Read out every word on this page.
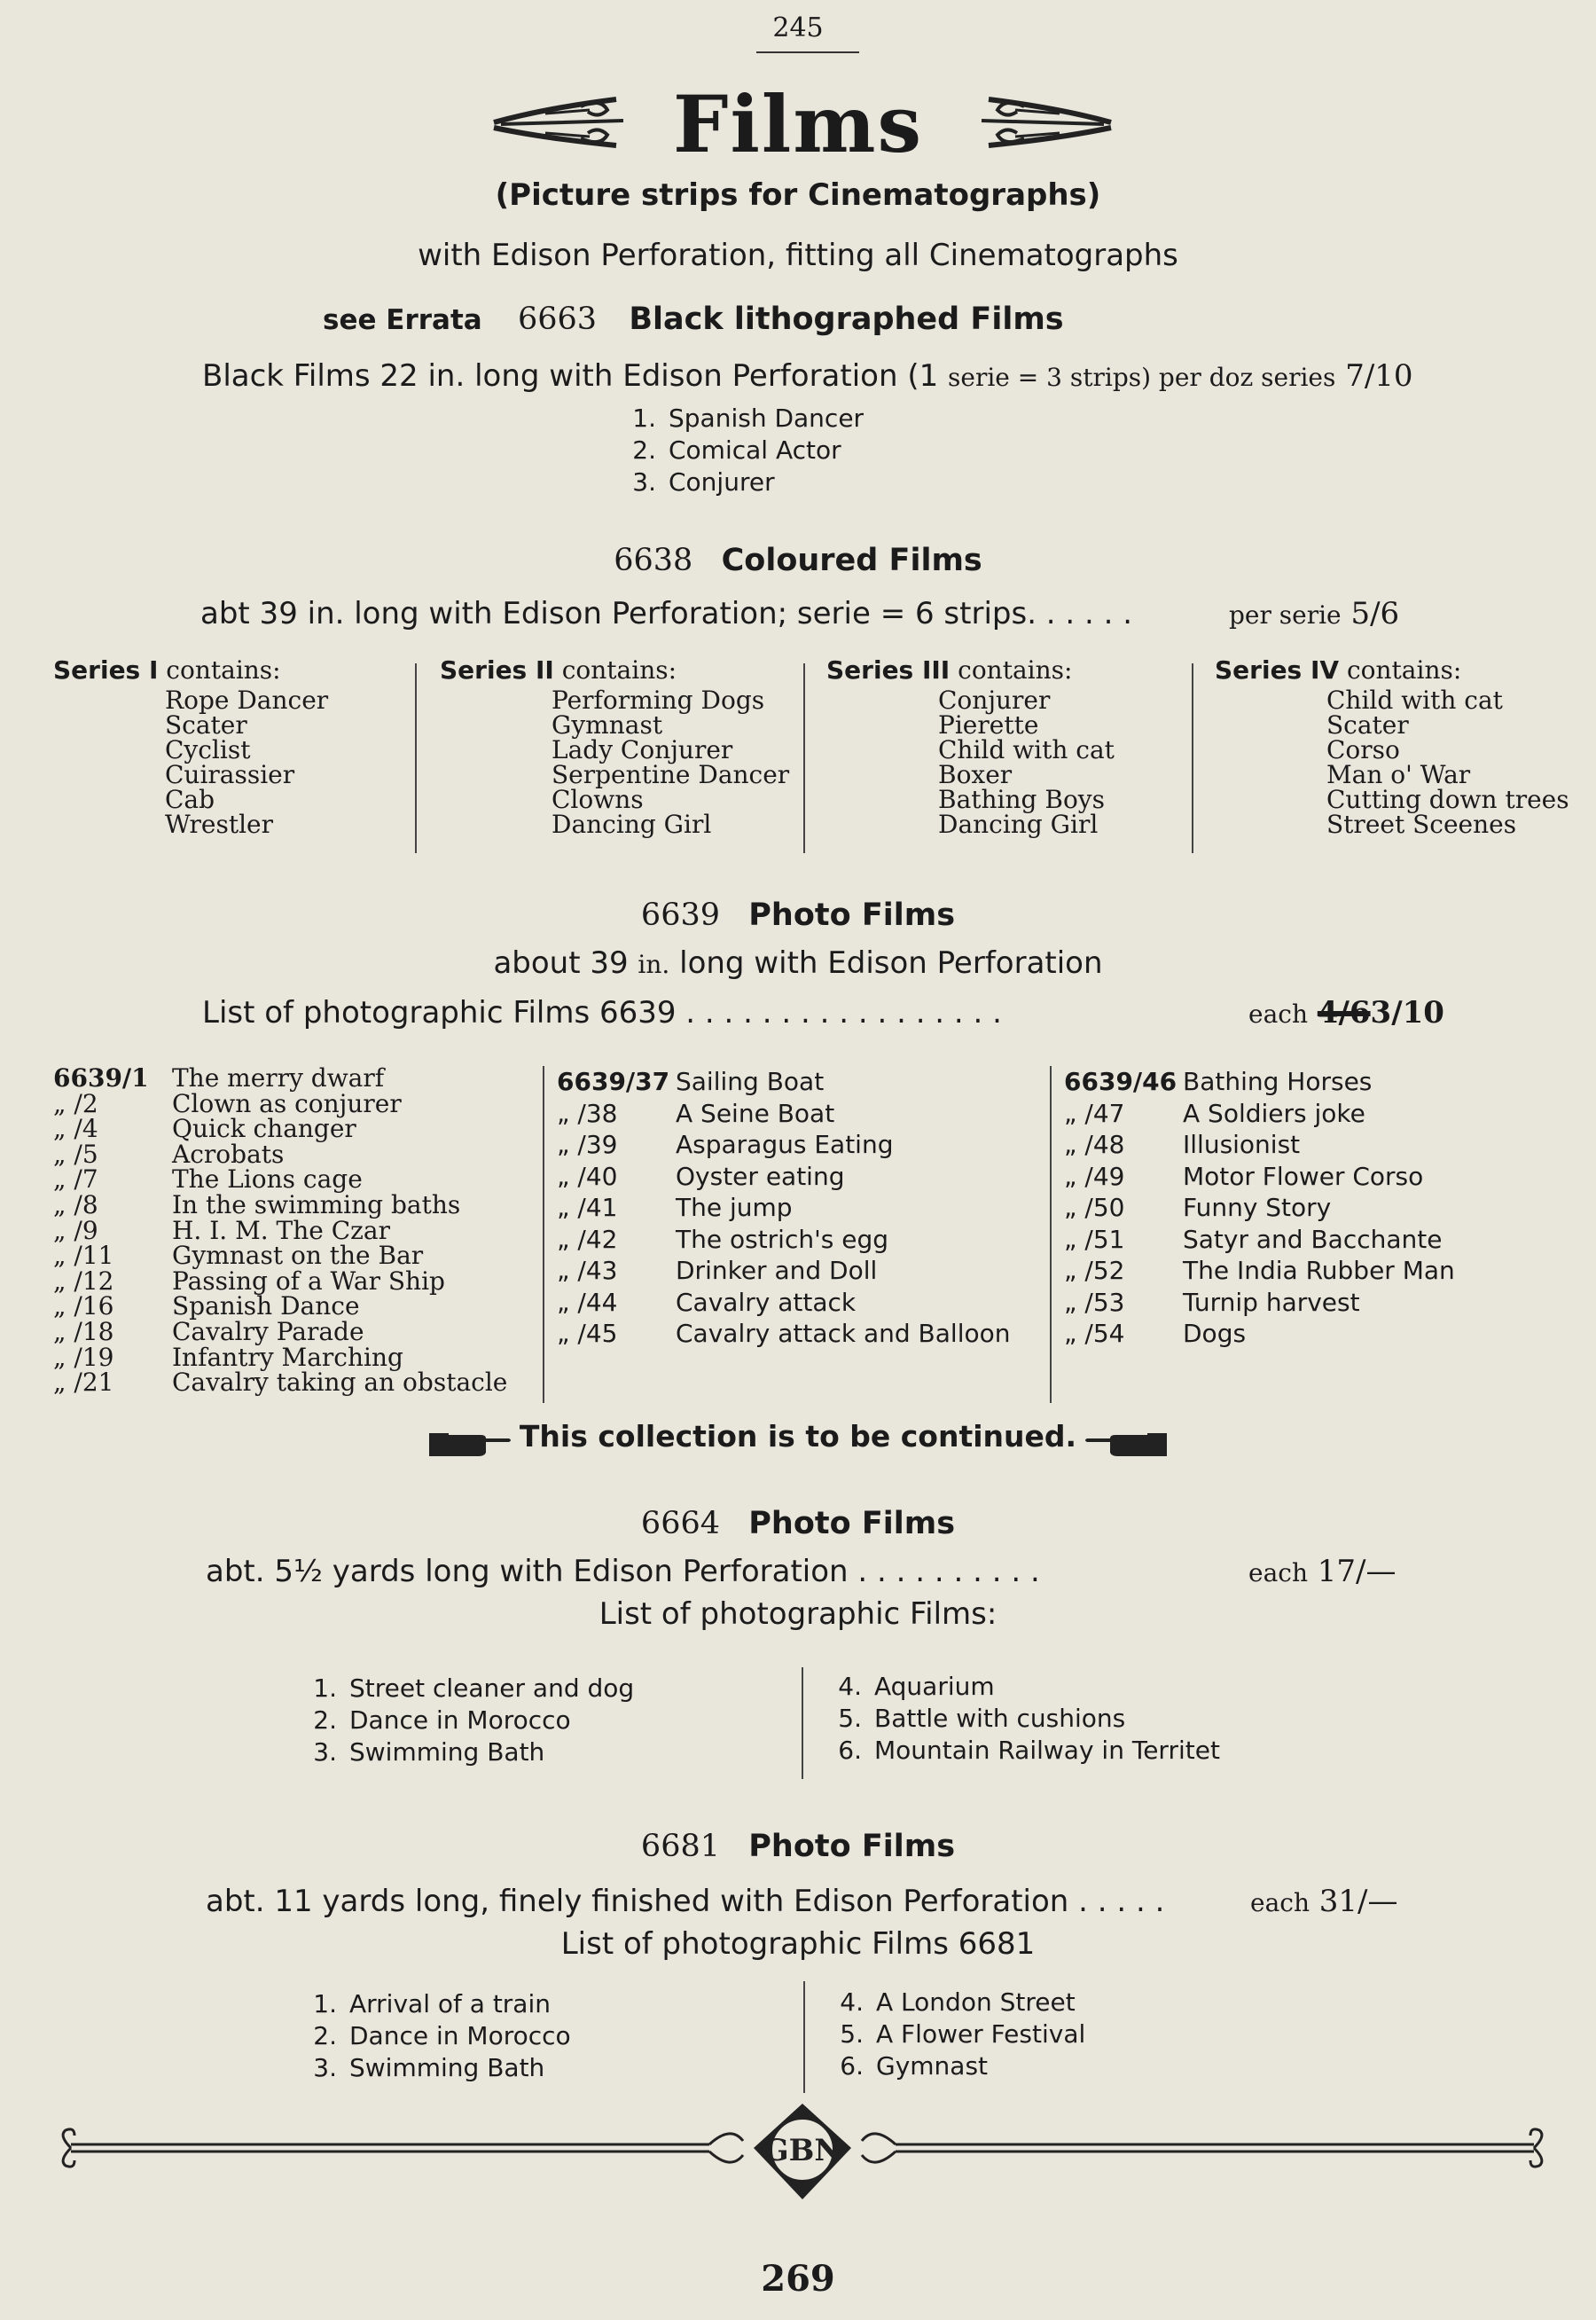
245
Films
(Picture strips for Cinematographs)
with Edison Perforation, fitting all Cinematographs
see Errata 6663 Black lithographed Films
Black Films 22 in. long with Edison Perforation (1 serie = 3 strips) per doz series 7/10
1. Spanish Dancer
2. Comical Actor
3. Conjurer
6638 Coloured Films
abt 39 in. long with Edison Perforation; serie = 6 strips. . . . . .	per serie 5/6
Series I contains:
Rope Dancer
Scater
Cyclist
Cuirassier
Cab
Wrestler
Series II contains:
Performing Dogs
Gymnast
Lady Conjurer
Serpentine Dancer
Clowns
Dancing Girl
Series III contains:
Conjurer
Pierette
Child with cat
Boxer
Bathing Boys
Dancing Girl
Series IV contains:
Child with cat
Scater
Corso
Man o' War
Cutting down trees
Street Sceenes
6639 Photo Films
about 39 in. long with Edison Perforation
List of photographic Films 6639 . . . . . . . . . . . . . . . . .	each 4/63/10
6639/1 The merry dwarf
„ /2	Clown as conjurer
„ /4	Quick changer
„ /5	Acrobats
„ /7	The Lions cage
„ /8	In the swimming baths
„ /9	H. I. M. The Czar
„ /11 Gymnast on the Bar
„ /12 Passing of a War Ship
„ /16 Spanish Dance
„ /18 Cavalry Parade
„ /19 Infantry Marching
„ /21 Cavalry taking an obstacle
6639/37 Sailing Boat
„ /38 A Seine Boat
„ /39 Asparagus Eating
„ /40 Oyster eating
„ /41 The jump
„ /42 The ostrich's egg
„ /43 Drinker and Doll
„ /44 Cavalry attack
„ /45 Cavalry attack and Balloon
6639/46 Bathing Horses
„ /47 A Soldiers joke
„ /48 Illusionist
„ /49 Motor Flower Corso
„ /50 Funny Story
„ /51 Satyr and Bacchante
„ /52 The India Rubber Man
„ /53 Turnip harvest
„ /54 Dogs
This collection is to be continued.
6664 Photo Films
abt. 5½ yards long with Edison Perforation . . . . . . . . . .	each 17/—
List of photographic Films:
1. Street cleaner and dog
2. Dance in Morocco
3. Swimming Bath
4. Aquarium
5. Battle with cushions
6. Mountain Railway in Territet
6681 Photo Films
abt. 11 yards long, finely finished with Edison Perforation . . . . .	each 31/—
List of photographic Films 6681
1. Arrival of a train
2. Dance in Morocco
3. Swimming Bath
4. A London Street
5. A Flower Festival
6. Gymnast
GBN
269
